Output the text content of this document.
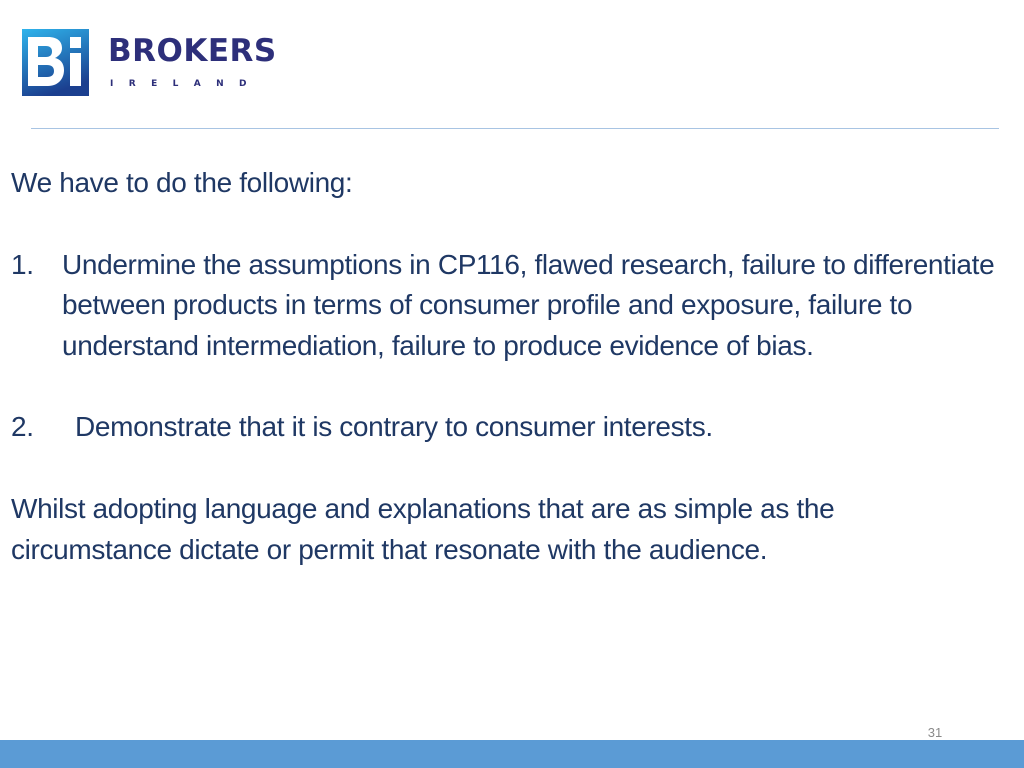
BROKERS
IRELAND

We have to do the following:

1.	Undermine the assumptions in CP116, flawed research, failure to differentiate between products in terms of consumer profile and exposure, failure to understand intermediation, failure to produce evidence of bias.
2.	Demonstrate that it is contrary to consumer interests.

Whilst adopting language and explanations that are as simple as the circumstance dictate or permit that resonate with the audience.

31
